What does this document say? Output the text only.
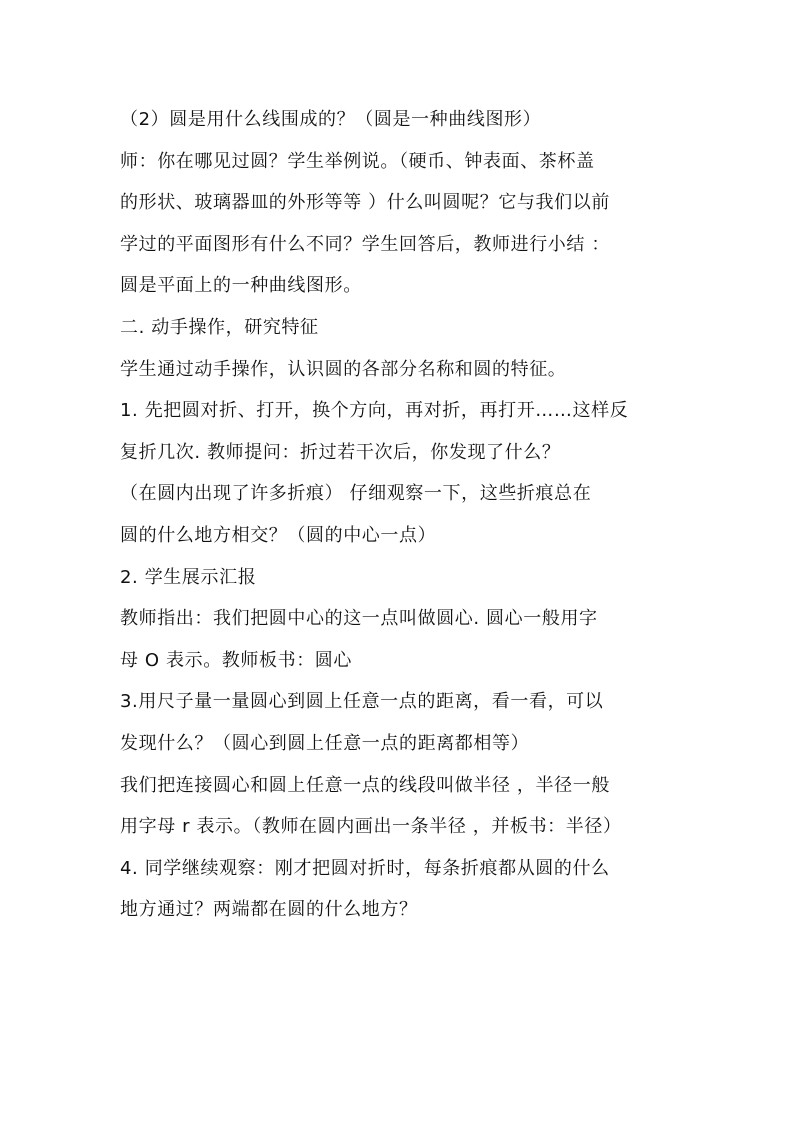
（2）圆是用什么线围成的？（圆是一种曲线图形）
师：你在哪见过圆？学生举例说。（硬币、钟表面、茶杯盖
的形状、玻璃器皿的外形等等 ）什么叫圆呢？它与我们以前
学过的平面图形有什么不同？学生回答后，教师进行小结 ：
圆是平面上的一种曲线图形。
二. 动手操作，研究特征
学生通过动手操作，认识圆的各部分名称和圆的特征。
1. 先把圆对折、打开，换个方向，再对折，再打开……这样反
复折几次. 教师提问：折过若干次后，你发现了什么？
（在圆内出现了许多折痕） 仔细观察一下，这些折痕总在
圆的什么地方相交？（圆的中心一点）
2. 学生展示汇报
教师指出：我们把圆中心的这一点叫做圆心. 圆心一般用字
母 O 表示。教师板书：圆心
3.用尺子量一量圆心到圆上任意一点的距离，看一看，可以
发现什么？（圆心到圆上任意一点的距离都相等）
我们把连接圆心和圆上任意一点的线段叫做半径 ，半径一般
用字母 r 表示。（教师在圆内画出一条半径 ，并板书：半径）
4. 同学继续观察：刚才把圆对折时，每条折痕都从圆的什么
地方通过？两端都在圆的什么地方？
